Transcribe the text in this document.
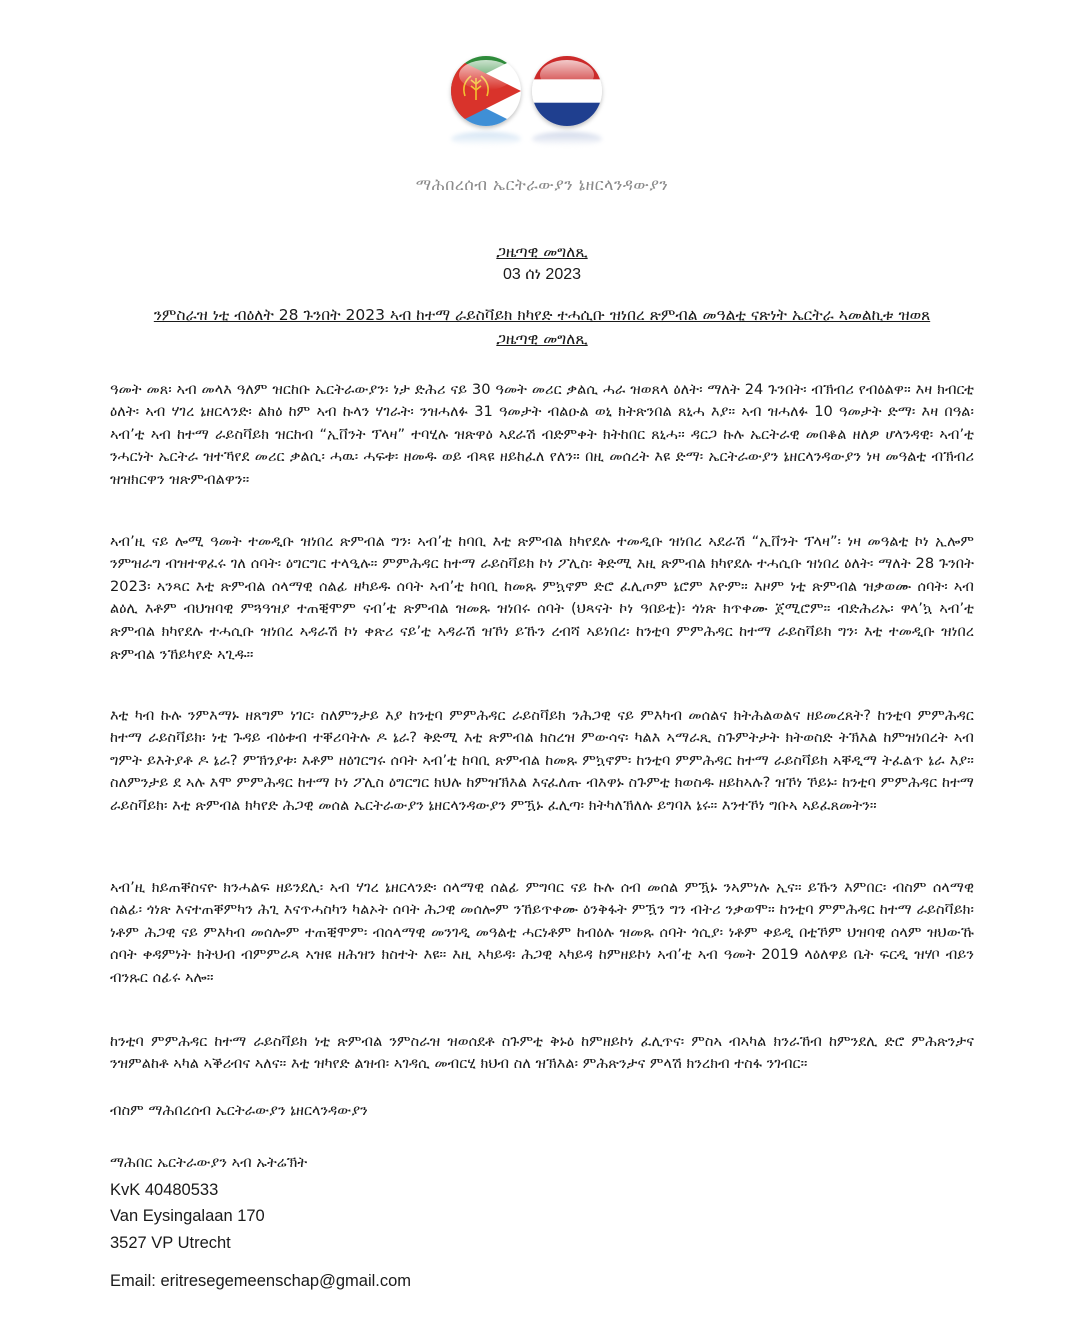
ማሕበረሰብ ኤርትራውያን ኔዘርላንዳውያን
ጋዜጣዊ መግለጺ
03 ሰነ 2023
ንምስራዝ ነቲ ብዕለት 28 ጉንበት 2023 ኣብ ከተማ ራይስቫይክ ክካየድ ተሓሲቡ ዝነበረ ጽምብል መዓልቲ ናጽነት ኤርትራ ኣመልኪቱ ዝወጸ ጋዜጣዊ መግለጺ

ዓመት መጸ፡ ኣብ መላእ ዓለም ዝርከቡ ኤርትራውያን፡ ነታ ድሕሪ ናይ 30 ዓመት መሪር ቃልሲ ሓራ ዝወጸላ ዕለት፡ ማለት 24 ጉንበት፡ ብኽብሪ የብዕልዋ። እዛ ክብርቲ ዕለት፡ ኣብ ሃገረ ኔዘርላንድ፡ ልክዕ ከም ኣብ ኩላን ሃገራት፡ ንዝሓለፉ 31 ዓመታት ብልዑል ወኒ ክትጽንበል ጸኒሓ እያ። ኣብ ዝሓለፉ 10 ዓመታት ድማ፡ እዛ በዓል፡ ኣብ’ቲ ኣብ ከተማ ራይስቫይክ ዝርከብ “ኢቨንት ፕላዛ” ተባሂሉ ዝጽዋዕ ኣደራሽ ብድምቀት ክትከበር ጸኒሓ። ዳርጋ ኩሉ ኤርትራዊ መበቆል ዘለዎ ሆላንዳዊ፡ ኣብ’ቲ ንሓርነት ኤርትራ ዝተኻየደ መሪር ቃልሲ፡ ሓዉ፡ ሓፍቱ፡ ዘመዱ ወይ ብጻዩ ዘይከፈለ የለን። በዚ መሰረት እዩ ድማ፡ ኤርትራውያን ኔዘርላንዳውያን ነዛ መዓልቲ ብኽብሪ ዝዝክርዋን ዝጽምብልዋን።

ኣብ’ዚ ናይ ሎሚ ዓመት ተመዲቡ ዝነበረ ጽምብል ግን፡ ኣብ’ቲ ከባቢ እቲ ጽምብል ክካየደሉ ተመዲቡ ዝነበረ ኣደራሽ “ኢቨንት ፕላዛ”፡ ነዛ መዓልቲ ኮነ ኢሎም ንምዝራግ ብዝተዋፈሩ ገለ ሰባት፡ ዕግርግር ተላዒሉ። ምምሕዳር ከተማ ራይስቫይክ ኮነ ፖሊስ፡ ቅድሚ እዚ ጽምብል ክካየደሉ ተሓሲቡ ዝነበረ ዕለት፡ ማለት 28 ጉንበት 2023፡ ኣንጻር እቲ ጽምብል ሰላማዊ ሰልፊ ዘካይዱ ሰባት ኣብ’ቲ ከባቢ ከመጹ ምኳኖም ድሮ ፈሊጦም ኔሮም እዮም። እዞም ነቲ ጽምብል ዝቃወሙ ሰባት፡ ኣብ ልዕሊ እቶም ብህዝባዊ ምጓዓዝያ ተጠቒሞም ናብ’ቲ ጽምብል ዝመጹ ዝነበሩ ሰባት (ህጻናት ኮነ ዓበይቲ)፡ ጎነጽ ክጥቀሙ ጀሚሮም። ብድሕሪኡ፡ ዋላ’ኳ ኣብ’ቲ ጽምብል ክካየደሉ ተሓሲቡ ዝነበረ ኣዳራሽ ኮነ ቀጽሪ ናይ’ቲ ኣዳራሽ ዝኾነ ይኹን ረብሻ ኣይነበረ፡ ከንቲባ ምምሕዳር ከተማ ራይስቫይክ ግን፡ እቲ ተመዲቡ ዝነበረ ጽምብል ንኸይካየድ ኣጊዱ።

እቲ ካብ ኩሉ ንምእማኑ ዘጸግም ነገር፡ ስለምንታይ እያ ከንቲባ ምምሕዳር ራይስቫይክ ንሕጋዊ ናይ ምእካብ መሰልና ክትሕልወልና ዘይመረጸት? ከንቲባ ምምሕዳር ከተማ ራይስቫይክ፡ ነቲ ጉዳይ ብዕቱብ ተቐሪባትሉ ዶ ኔራ? ቅድሚ እቲ ጽምብል ክስረዝ ምውሳና፡ ካልእ ኣማራጺ ስጉምትታት ክትወስድ ትኽእል ከምዝነበረት ኣብ ግምት ይእትያቶ ዶ ኔራ? ምኽንያቱ፡ እቶም ዘዕገርግሩ ሰባት ኣብ’ቲ ከባቢ ጽምብል ከመጹ ምኳኖም፡ ከንቲባ ምምሕዳር ከተማ ራይስቫይክ ኣቐዲማ ትፈልጥ ኔራ እያ። ስለምንታይ ደ ኣሉ እሞ ምምሕዳር ከተማ ኮነ ፖሊስ ዕግርግር ክህሉ ከምዝኽእል እናፈለጡ ብእዋኑ ስጉምቲ ክወስዱ ዘይከኣሉ? ዝኾነ ኾይኑ፡ ከንቲባ ምምሕዳር ከተማ ራይስቫይክ፡ እቲ ጽምብል ክካየድ ሕጋዊ መሰል ኤርትራውያን ኔዘርላንዳውያን ምዃኑ ፈሊጣ፡ ክትካለኽለሉ ይግባእ ኔሩ። እንተኾነ ግቡኣ ኣይፈጸመትን።

ኣብ’ዚ ክይጠቐስናዮ ክንሓልፍ ዘይንደሊ፡ ኣብ ሃገረ ኔዘርላንድ፡ ሰላማዊ ሰልፊ ምግባር ናይ ኩሉ ሰብ መሰል ምዃኑ ንኣምነሉ ኢና። ይኹን እምበር፡ ብስም ሰላማዊ ሰልፊ፡ ጎነጽ እናተጠቐምካን ሕጊ እናጥሓስካን ካልኦት ሰባት ሕጋዊ መሰሎም ንኸይጥቀሙ ዕንቅፋት ምዃን ግን ብትሪ ንቃወሞ። ከንቲባ ምምሕዳር ከተማ ራይስቫይክ፡ ነቶም ሕጋዊ ናይ ምእካብ መሰሎም ተጠቒሞም፡ ብሰላማዊ መንገዲ መዓልቲ ሓርነቶም ከብዕሉ ዝመጹ ሰባት ጎሲያ፡ ነቶም ቀይዲ በቲኾም ህዝባዊ ሰላም ዝህውኹ ሰባት ቀዳምነት ክትህብ ብምምራጻ ኣዝዩ ዘሕዝን ክስተት እዩ። እዚ ኣካይዳ፡ ሕጋዊ ኣካይዳ ከምዘይኮነ ኣብ’ቲ ኣብ ዓመት 2019 ላዕለዋይ ቤት ፍርዲ ዝሃቦ ብይን ብንጹር ሰፊሩ ኣሎ።

ከንቲባ ምምሕዳር ከተማ ራይስቫይክ ነቲ ጽምብል ንምስራዝ ዝወሰደቶ ስጉምቲ ቅኑዕ ከምዘይኮነ ፈሊጥና፡ ምስኣ ብኣካል ክንራኸብ ከምንደሊ ድሮ ምሕጽንታና ንዝምልከቶ ኣካል ኣቕሪብና ኣለና። እቲ ዝካየድ ልዝብ፡ ኣገዳሲ መብርሂ ክህብ ስለ ዝኽእል፡ ምሕጽንታና ምላሽ ክንረክብ ተስፋ ንገብር።

ብስም ማሕበረሰብ ኤርትራውያን ኔዘርላንዳውያን
ማሕበር ኤርትራውያን ኣብ ኡትሬኽት
KvK 40480533
Van Eysingalaan 170
3527 VP Utrecht
Email: eritresegemeenschap@gmail.com
